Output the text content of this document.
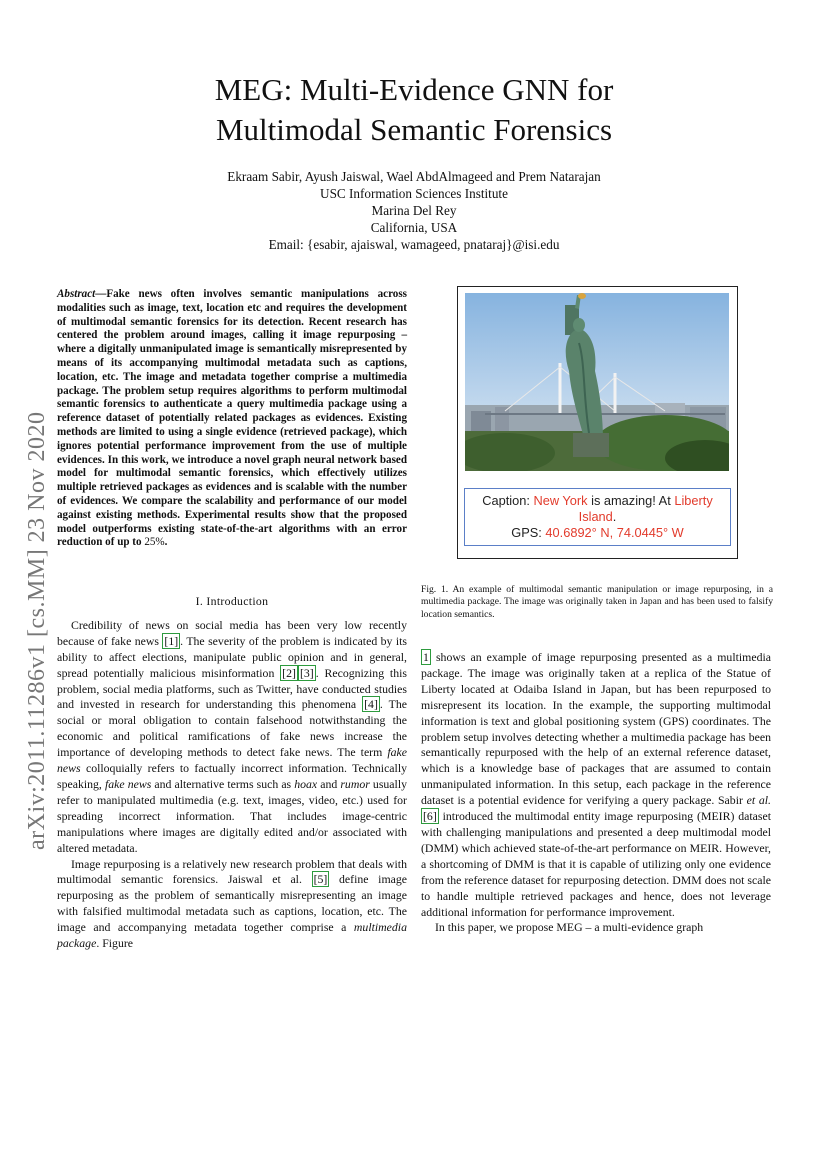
MEG: Multi-Evidence GNN for
Multimodal Semantic Forensics
Ekraam Sabir, Ayush Jaiswal, Wael AbdAlmageed and Prem Natarajan
USC Information Sciences Institute
Marina Del Rey
California, USA
Email: {esabir, ajaiswal, wamageed, pnataraj}@isi.edu
arXiv:2011.11286v1 [cs.MM] 23 Nov 2020
Abstract—Fake news often involves semantic manipulations across modalities such as image, text, location etc and requires the development of multimodal semantic forensics for its detection. Recent research has centered the problem around images, calling it image repurposing – where a digitally unmanipulated image is semantically misrepresented by means of its accompanying multimodal metadata such as captions, location, etc. The image and metadata together comprise a multimedia package. The problem setup requires algorithms to perform multimodal semantic forensics to authenticate a query multimedia package using a reference dataset of potentially related packages as evidences. Existing methods are limited to using a single evidence (retrieved package), which ignores potential performance improvement from the use of multiple evidences. In this work, we introduce a novel graph neural network based model for multimodal semantic forensics, which effectively utilizes multiple retrieved packages as evidences and is scalable with the number of evidences. We compare the scalability and performance of our model against existing methods. Experimental results show that the proposed model outperforms existing state-of-the-art algorithms with an error reduction of up to 25%.

I. Introduction

Credibility of news on social media has been very low recently because of fake news [1] . The severity of the problem is indicated by its ability to affect elections, manipulate public opinion and in general, spread potentially malicious misinformation [2] [3] . Recognizing this problem, social media platforms, such as Twitter, have conducted studies and invested in research for understanding this phenomena [4] . The social or moral obligation to contain falsehood notwithstanding the economic and political ramifications of fake news increase the importance of developing methods to detect fake news. The term fake news colloquially refers to factually incorrect information. Technically speaking, fake news and alternative terms such as hoax and rumor usually refer to manipulated multimedia (e.g. text, images, video, etc.) used for spreading incorrect information. That includes image-centric manipulations where images are digitally edited and/or associated with altered metadata.

Image repurposing is a relatively new research problem that deals with multimodal semantic forensics. Jaiswal et al. [5] define image repurposing as the problem of semantically misrepresenting an image with falsified multimodal metadata such as captions, location, etc. The image and accompanying metadata together comprise a multimedia package. Figure

Caption: New York is amazing! At Liberty Island.
GPS: 40.6892° N, 74.0445° W
Fig. 1. An example of multimodal semantic manipulation or image repurposing, in a multimedia package. The image was originally taken in Japan and has been used to falsify location semantics.

1 shows an example of image repurposing presented as a multimedia package. The image was originally taken at a replica of the Statue of Liberty located at Odaiba Island in Japan, but has been repurposed to misrepresent its location. In the example, the supporting multimodal information is text and global positioning system (GPS) coordinates. The problem setup involves detecting whether a multimedia package has been semantically repurposed with the help of an external reference dataset, which is a knowledge base of packages that are assumed to contain unmanipulated information. In this setup, each package in the reference dataset is a potential evidence for verifying a query package. Sabir et al. [6] introduced the multimodal entity image repurposing (MEIR) dataset with challenging manipulations and presented a deep multimodal model (DMM) which achieved state-of-the-art performance on MEIR. However, a shortcoming of DMM is that it is capable of utilizing only one evidence from the reference dataset for repurposing detection. DMM does not scale to handle multiple retrieved packages and hence, does not leverage additional information for performance improvement.

In this paper, we propose MEG – a multi-evidence graph
